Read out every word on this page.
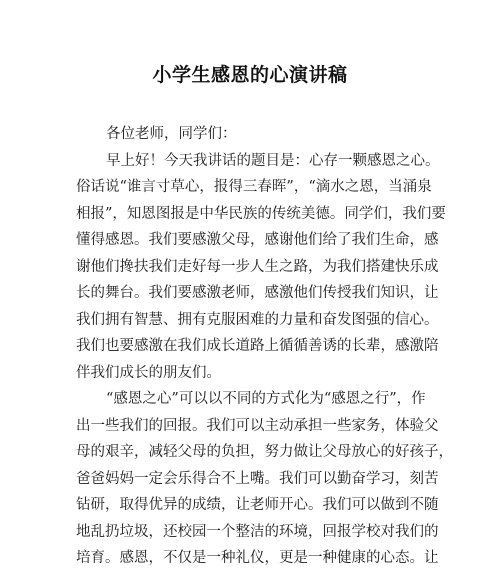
小学生感恩的心演讲稿
各位老师，同学们：
早上好！今天我讲话的题目是：心存一颗感恩之心。
俗话说“谁言寸草心，报得三春晖”，“滴水之恩，当涌泉
相报”，知恩图报是中华民族的传统美德。同学们，我们要
懂得感恩。我们要感激父母，感谢他们给了我们生命，感
谢他们搀扶我们走好每一步人生之路，为我们搭建快乐成
长的舞台。我们要感激老师，感激他们传授我们知识，让
我们拥有智慧、拥有克服困难的力量和奋发图强的信心。
我们也要感激在我们成长道路上循循善诱的长辈，感激陪
伴我们成长的朋友们。
“感恩之心”可以以不同的方式化为“感恩之行”，作
出一些我们的回报。我们可以主动承担一些家务，体验父
母的艰辛，减轻父母的负担，努力做让父母放心的好孩子，
爸爸妈妈一定会乐得合不上嘴。我们可以勤奋学习，刻苦
钻研，取得优异的成绩，让老师开心。我们可以做到不随
地乱扔垃圾，还校园一个整洁的环境，回报学校对我们的
培育。感恩，不仅是一种礼仪，更是一种健康的心态。让
